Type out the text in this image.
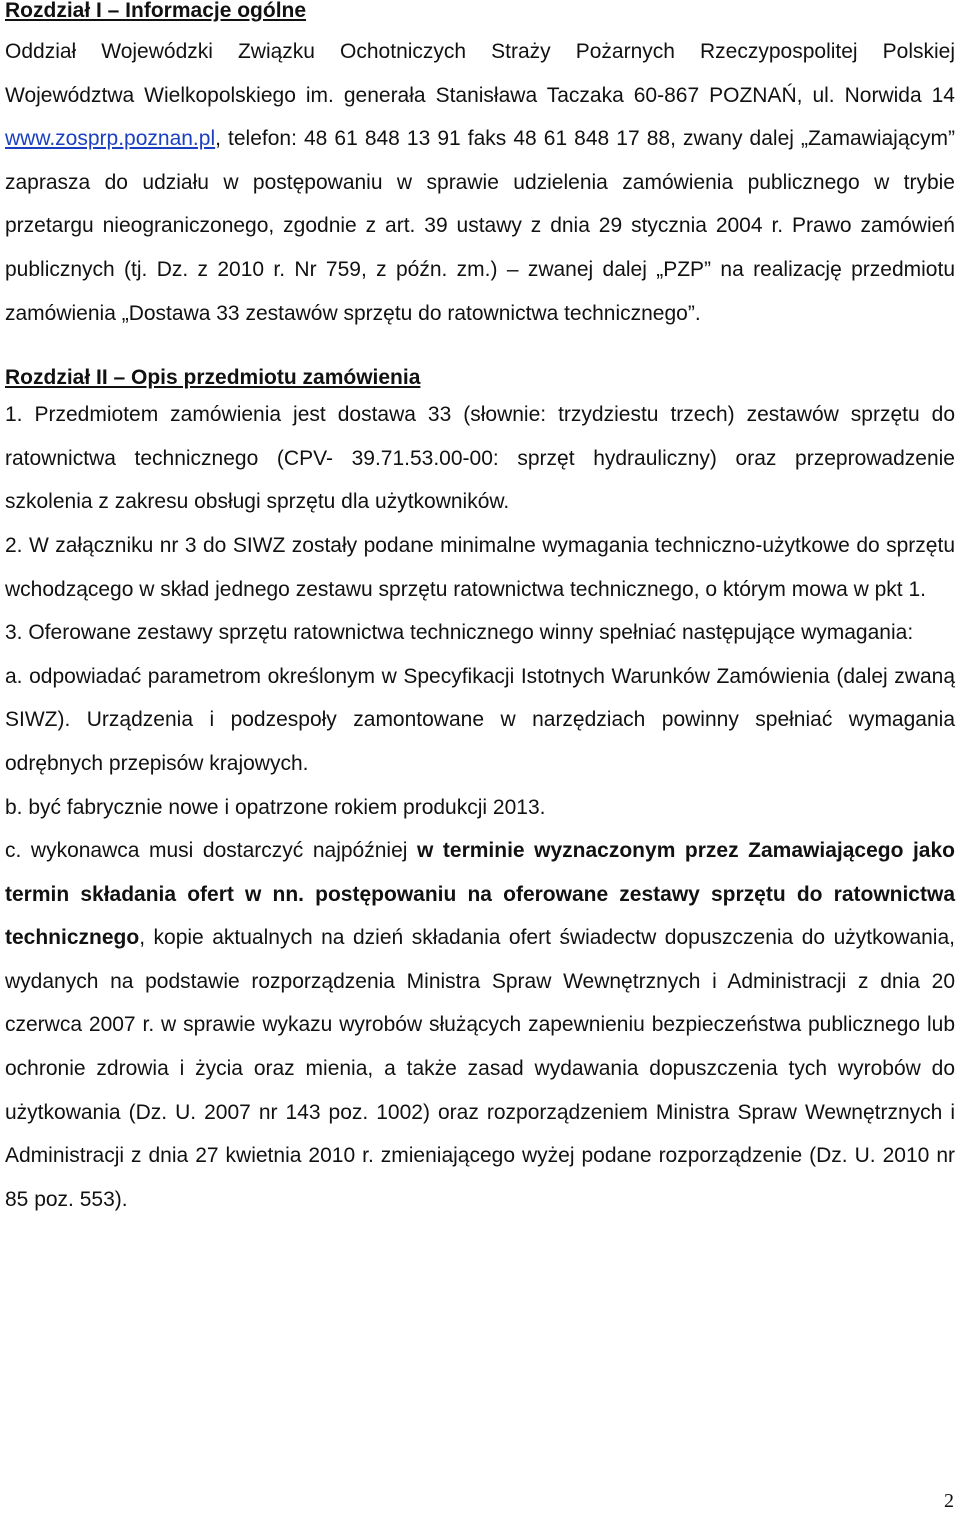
Rozdział I – Informacje ogólne

Oddział Wojewódzki Związku Ochotniczych Straży Pożarnych Rzeczypospolitej Polskiej Województwa Wielkopolskiego im. generała Stanisława Taczaka 60-867 POZNAŃ, ul. Norwida 14 www.zosprp.poznan.pl, telefon: 48 61 848 13 91 faks 48 61 848 17 88, zwany dalej „Zamawiającym” zaprasza do udziału w postępowaniu w sprawie udzielenia zamówienia publicznego w trybie przetargu nieograniczonego, zgodnie z art. 39 ustawy z dnia 29 stycznia 2004 r. Prawo zamówień publicznych (tj. Dz. z 2010 r. Nr 759, z późn. zm.) – zwanej dalej „PZP” na realizację przedmiotu zamówienia „Dostawa 33 zestawów sprzętu do ratownictwa technicznego”.

Rozdział II – Opis przedmiotu zamówienia

1. Przedmiotem zamówienia jest dostawa 33 (słownie: trzydziestu trzech) zestawów sprzętu do ratownictwa technicznego (CPV- 39.71.53.00-00: sprzęt hydrauliczny) oraz przeprowadzenie szkolenia z zakresu obsługi sprzętu dla użytkowników.

2. W załączniku nr 3 do SIWZ zostały podane minimalne wymagania techniczno-użytkowe do sprzętu wchodzącego w skład jednego zestawu sprzętu ratownictwa technicznego, o którym mowa w pkt 1.

3. Oferowane zestawy sprzętu ratownictwa technicznego winny spełniać następujące wymagania:

a. odpowiadać parametrom określonym w Specyfikacji Istotnych Warunków Zamówienia (dalej zwaną SIWZ). Urządzenia i podzespoły zamontowane w narzędziach powinny spełniać wymagania odrębnych przepisów krajowych.

b. być fabrycznie nowe i opatrzone rokiem produkcji 2013.

c. wykonawca musi dostarczyć najpóźniej w terminie wyznaczonym przez Zamawiającego jako termin składania ofert w nn. postępowaniu na oferowane zestawy sprzętu do ratownictwa technicznego, kopie aktualnych na dzień składania ofert świadectw dopuszczenia do użytkowania, wydanych na podstawie rozporządzenia Ministra Spraw Wewnętrznych i Administracji z dnia 20 czerwca 2007 r. w sprawie wykazu wyrobów służących zapewnieniu bezpieczeństwa publicznego lub ochronie zdrowia i życia oraz mienia, a także zasad wydawania dopuszczenia tych wyrobów do użytkowania (Dz. U. 2007 nr 143 poz. 1002) oraz rozporządzeniem Ministra Spraw Wewnętrznych i Administracji z dnia 27 kwietnia 2010 r. zmieniającego wyżej podane rozporządzenie (Dz. U. 2010 nr 85 poz. 553).

2
